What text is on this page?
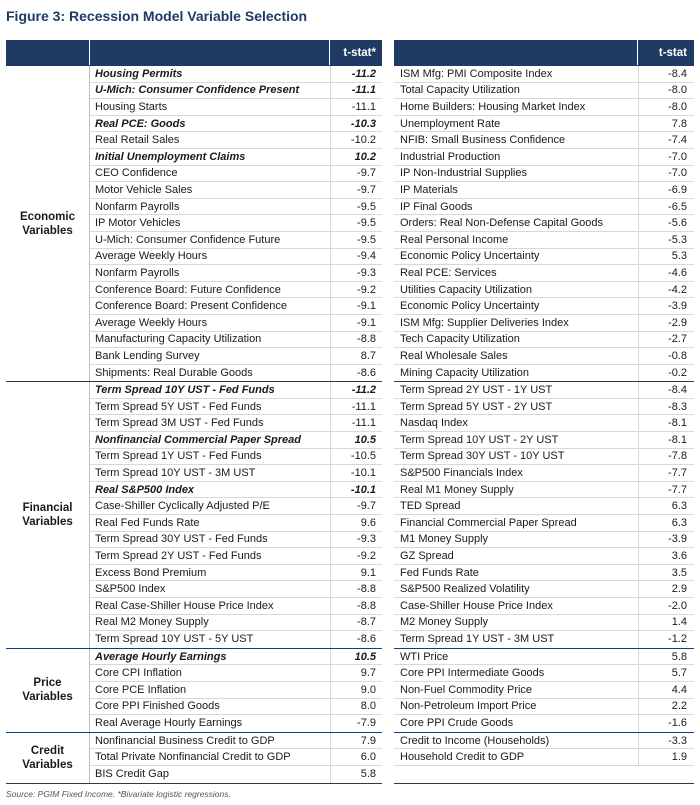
Figure 3: Recession Model Variable Selection
t-stat*
Economic Variables
Housing Permits	-11.2
U-Mich: Consumer Confidence Present	-11.1
Housing Starts	-11.1
Real PCE: Goods	-10.3
Real Retail Sales	-10.2
Initial Unemployment Claims	10.2
CEO Confidence	-9.7
Motor Vehicle Sales	-9.7
Nonfarm Payrolls	-9.5
IP Motor Vehicles	-9.5
U-Mich: Consumer Confidence Future	-9.5
Average Weekly Hours	-9.4
Nonfarm Payrolls	-9.3
Conference Board: Future Confidence	-9.2
Conference Board: Present Confidence	-9.1
Average Weekly Hours	-9.1
Manufacturing Capacity Utilization	-8.8
Bank Lending Survey	8.7
Shipments: Real Durable Goods	-8.6
Financial Variables
Term Spread 10Y UST - Fed Funds	-11.2
Term Spread 5Y UST - Fed Funds	-11.1
Term Spread 3M UST - Fed Funds	-11.1
Nonfinancial Commercial Paper Spread	10.5
Term Spread 1Y UST - Fed Funds	-10.5
Term Spread 10Y UST - 3M UST	-10.1
Real S&P500 Index	-10.1
Case-Shiller Cyclically Adjusted P/E	-9.7
Real Fed Funds Rate	9.6
Term Spread 30Y UST - Fed Funds	-9.3
Term Spread 2Y UST - Fed Funds	-9.2
Excess Bond Premium	9.1
S&P500 Index	-8.8
Real Case-Shiller House Price Index	-8.8
Real M2 Money Supply	-8.7
Term Spread 10Y UST - 5Y UST	-8.6
Price Variables
Average Hourly Earnings	10.5
Core CPI Inflation	9.7
Core PCE Inflation	9.0
Core PPI Finished Goods	8.0
Real Average Hourly Earnings	-7.9
Credit Variables
Nonfinancial Business Credit to GDP	7.9
Total Private Nonfinancial Credit to GDP	6.0
BIS Credit Gap	5.8
t-stat
ISM Mfg: PMI Composite Index	-8.4
Total Capacity Utilization	-8.0
Home Builders: Housing Market Index	-8.0
Unemployment Rate	7.8
NFIB: Small Business Confidence	-7.4
Industrial Production	-7.0
IP Non-Industrial Supplies	-7.0
IP Materials	-6.9
IP Final Goods	-6.5
Orders: Real Non-Defense Capital Goods	-5.6
Real Personal Income	-5.3
Economic Policy Uncertainty	5.3
Real PCE: Services	-4.6
Utilities Capacity Utilization	-4.2
Economic Policy Uncertainty	-3.9
ISM Mfg: Supplier Deliveries Index	-2.9
Tech Capacity Utilization	-2.7
Real Wholesale Sales	-0.8
Mining Capacity Utilization	-0.2
Term Spread 2Y UST - 1Y UST	-8.4
Term Spread 5Y UST - 2Y UST	-8.3
Nasdaq Index	-8.1
Term Spread 10Y UST - 2Y UST	-8.1
Term Spread 30Y UST - 10Y UST	-7.8
S&P500 Financials Index	-7.7
Real M1 Money Supply	-7.7
TED Spread	6.3
Financial Commercial Paper Spread	6.3
M1 Money Supply	-3.9
GZ Spread	3.6
Fed Funds Rate	3.5
S&P500 Realized Volatility	2.9
Case-Shiller House Price Index	-2.0
M2 Money Supply	1.4
Term Spread 1Y UST - 3M UST	-1.2
WTI Price	5.8
Core PPI Intermediate Goods	5.7
Non-Fuel Commodity Price	4.4
Non-Petroleum Import Price	2.2
Core PPI Crude Goods	-1.6
Credit to Income (Households)	-3.3
Household Credit to GDP	1.9
Source: PGIM Fixed Income. *Bivariate logistic regressions.
